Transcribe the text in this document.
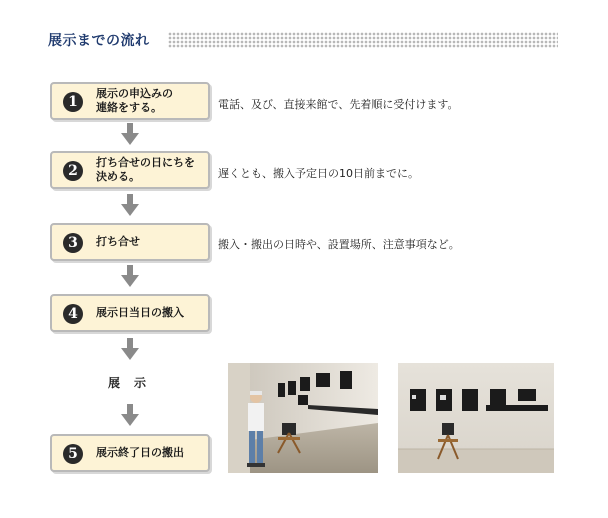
展示までの流れ
1
展示の申込みの
連絡をする。	電話、及び、直接来館で、先着順に受付けます。
2
打ち合せの日にちを
決める。	遅くとも、搬入予定日の10日前までに。
3	打ち合せ	搬入・搬出の日時や、設置場所、注意事項など。
4	展示日当日の搬入
展示
5	展示終了日の搬出
